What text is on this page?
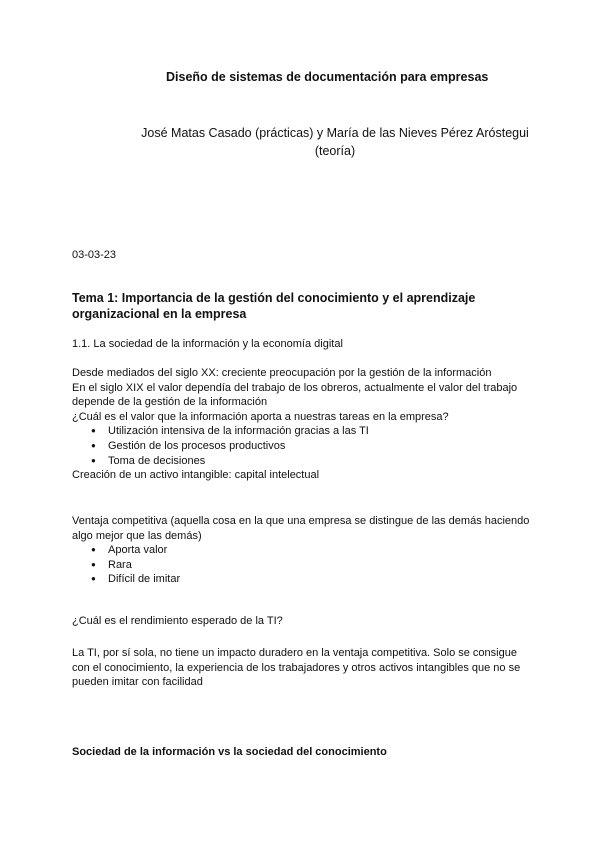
Diseño de sistemas de documentación para empresas
José Matas Casado (prácticas) y María de las Nieves Pérez Aróstegui (teoría)
03-03-23
Tema 1: Importancia de la gestión del conocimiento y el aprendizaje organizacional en la empresa
1.1. La sociedad de la información y la economía digital

Desde mediados del siglo XX: creciente preocupación por la gestión de la información

En el siglo XIX el valor dependía del trabajo de los obreros, actualmente el valor del trabajo depende de la gestión de la información

¿Cuál es el valor que la información aporta a nuestras tareas en la empresa?

● Utilización intensiva de la información gracias a las TI
● Gestión de los procesos productivos
● Toma de decisiones

Creación de un activo intangible: capital intelectual

Ventaja competitiva (aquella cosa en la que una empresa se distingue de las demás haciendo algo mejor que las demás)

● Aporta valor
● Rara
● Difícil de imitar
¿Cuál es el rendimiento esperado de la TI?
La TI, por sí sola, no tiene un impacto duradero en la ventaja competitiva. Solo se consigue con el conocimiento, la experiencia de los trabajadores y otros activos intangibles que no se pueden imitar con facilidad
Sociedad de la información vs la sociedad del conocimiento
